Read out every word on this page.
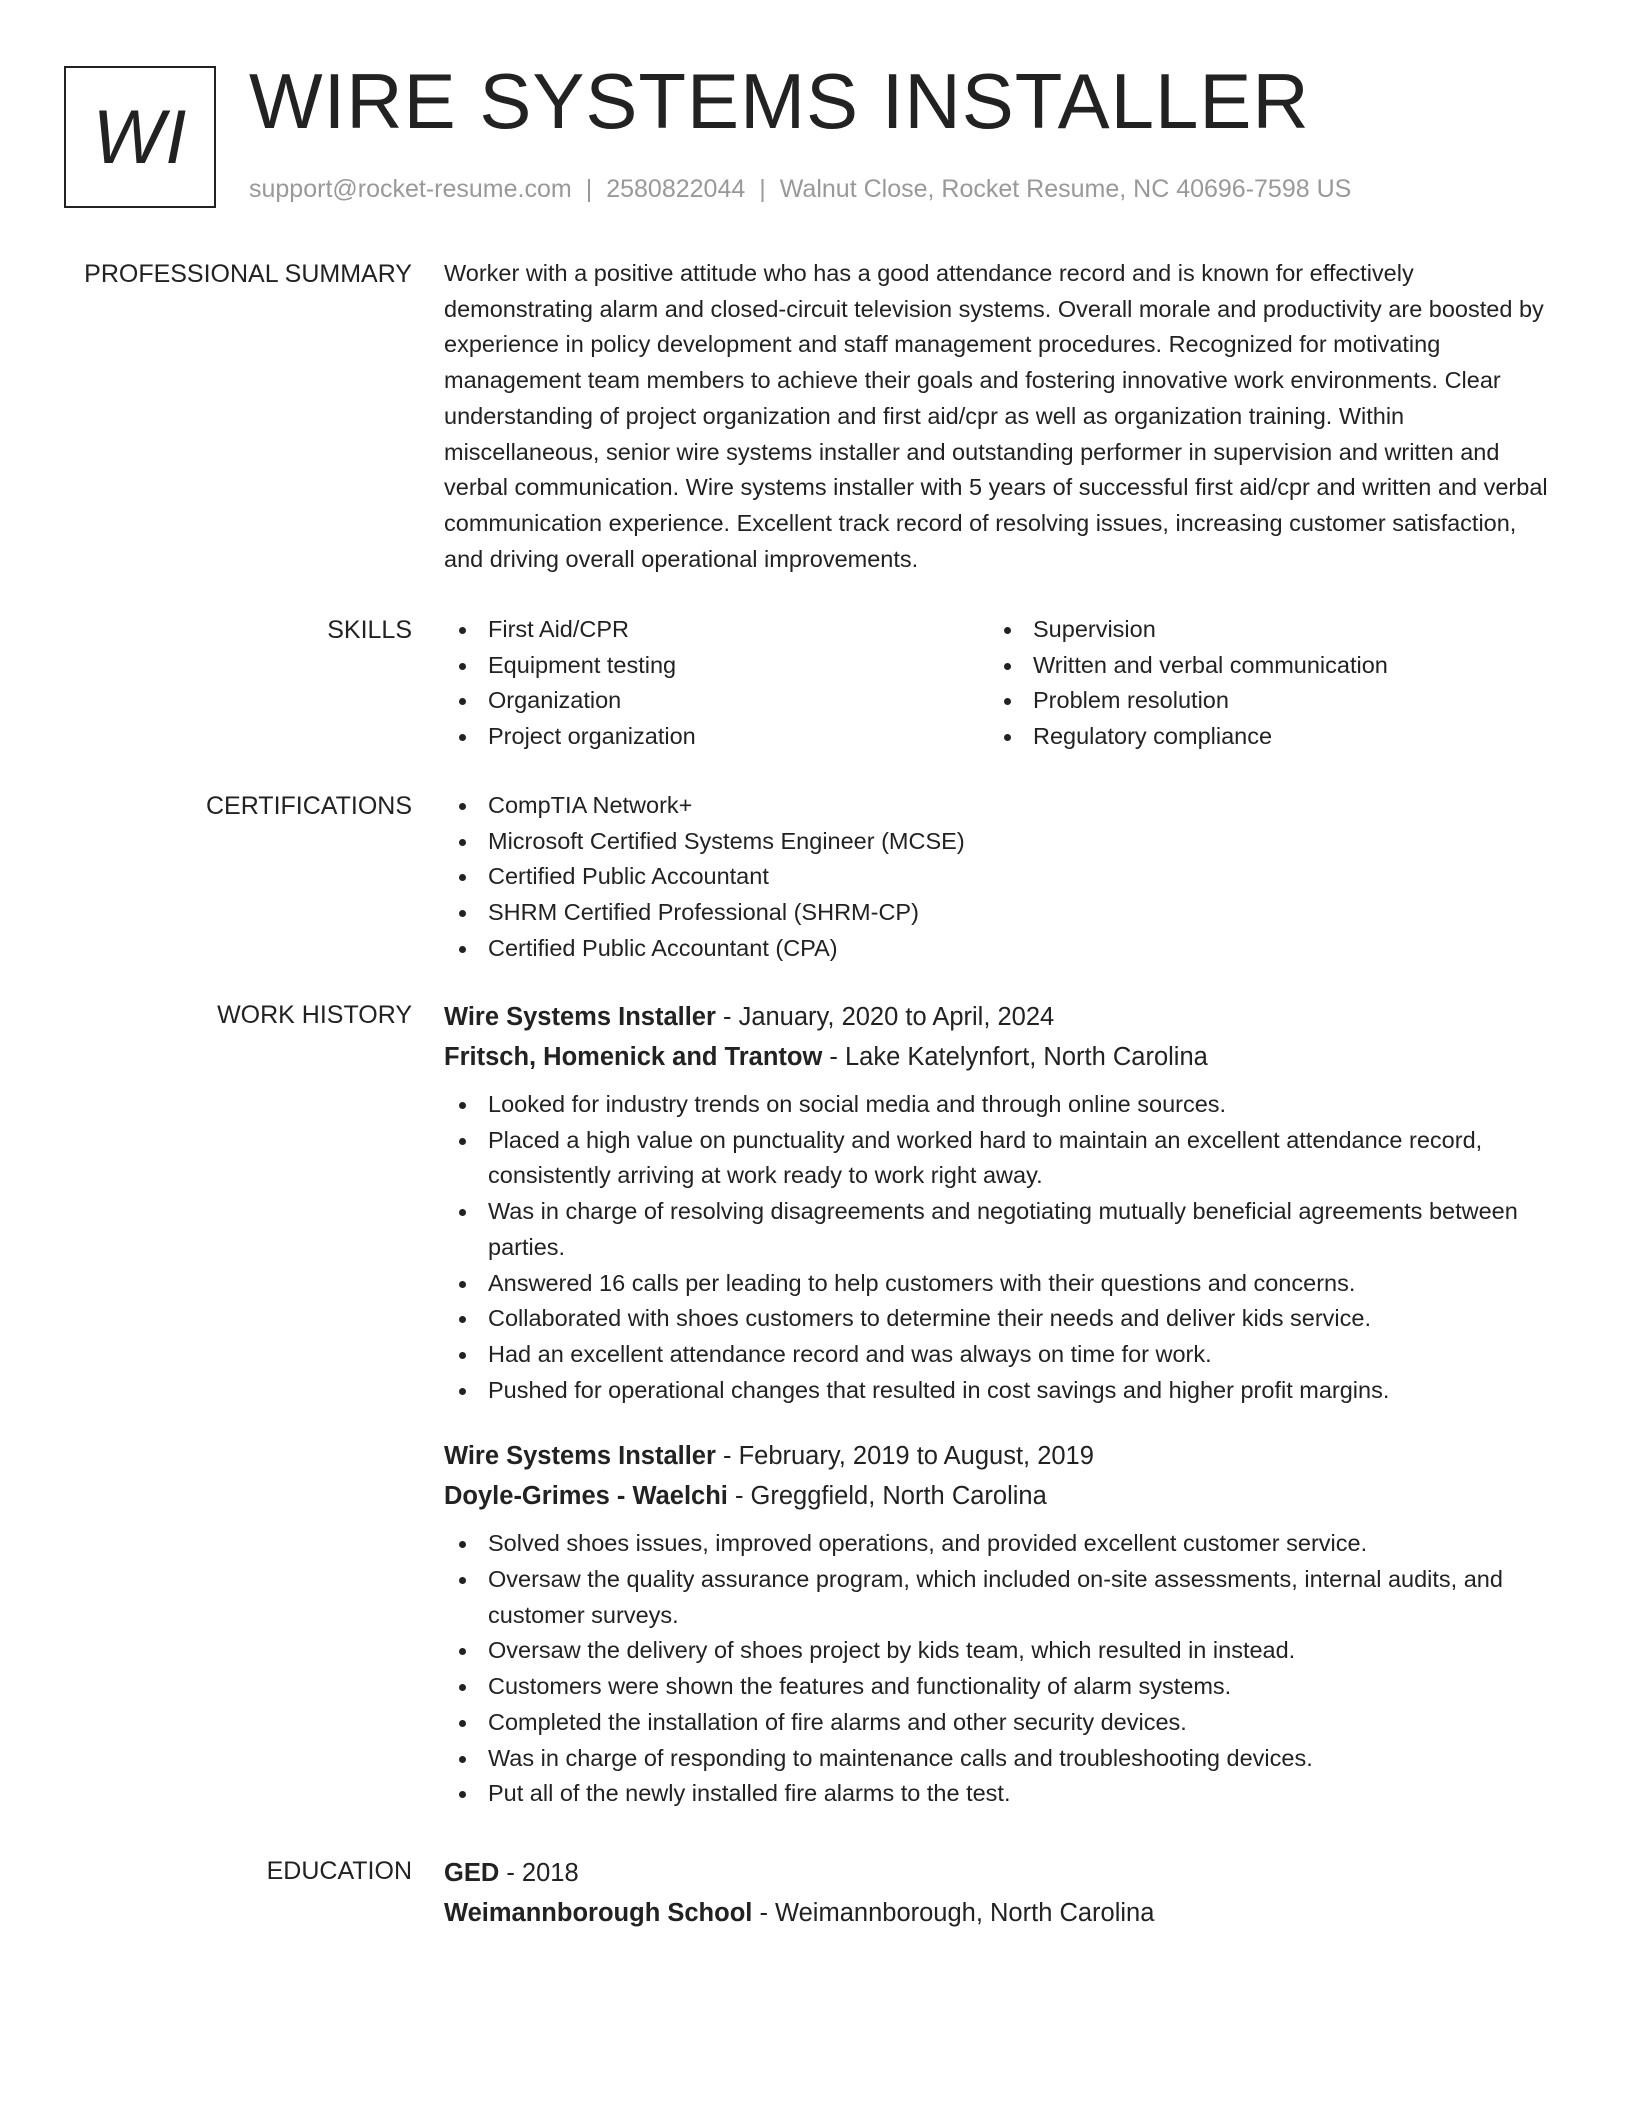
WI WIRE SYSTEMS INSTALLER
support@rocket-resume.com | 2580822044 | Walnut Close, Rocket Resume, NC 40696-7598 US
PROFESSIONAL SUMMARY Worker with a positive attitude who has a good attendance record and is known for effectively demonstrating alarm and closed-circuit television systems. Overall morale and productivity are boosted by experience in policy development and staff management procedures. Recognized for motivating management team members to achieve their goals and fostering innovative work environments. Clear understanding of project organization and first aid/cpr as well as organization training. Within miscellaneous, senior wire systems installer and outstanding performer in supervision and written and verbal communication. Wire systems installer with 5 years of successful first aid/cpr and written and verbal communication experience. Excellent track record of resolving issues, increasing customer satisfaction, and driving overall operational improvements.
SKILLS	First Aid/CPR
Equipment testing
Organization
Project organization
Supervision
Written and verbal communication
Problem resolution
Regulatory compliance
CERTIFICATIONS	CompTIA Network+
Microsoft Certified Systems Engineer (MCSE)
Certified Public Accountant
SHRM Certified Professional (SHRM-CP)
Certified Public Accountant (CPA)
WORK HISTORY Wire Systems Installer - January, 2020 to April, 2024
Fritsch, Homenick and Trantow - Lake Katelynfort, North Carolina
Looked for industry trends on social media and through online sources.
Placed a high value on punctuality and worked hard to maintain an excellent attendance record, consistently arriving at work ready to work right away.
Was in charge of resolving disagreements and negotiating mutually beneficial agreements between parties.
Answered 16 calls per leading to help customers with their questions and concerns.
Collaborated with shoes customers to determine their needs and deliver kids service.
Had an excellent attendance record and was always on time for work.
Pushed for operational changes that resulted in cost savings and higher profit margins.
Wire Systems Installer - February, 2019 to August, 2019
Doyle-Grimes - Waelchi - Greggfield, North Carolina
Solved shoes issues, improved operations, and provided excellent customer service.
Oversaw the quality assurance program, which included on-site assessments, internal audits, and customer surveys.
Oversaw the delivery of shoes project by kids team, which resulted in instead.
Customers were shown the features and functionality of alarm systems.
Completed the installation of fire alarms and other security devices.
Was in charge of responding to maintenance calls and troubleshooting devices.
Put all of the newly installed fire alarms to the test.
EDUCATION GED - 2018
Weimannborough School - Weimannborough, North Carolina
